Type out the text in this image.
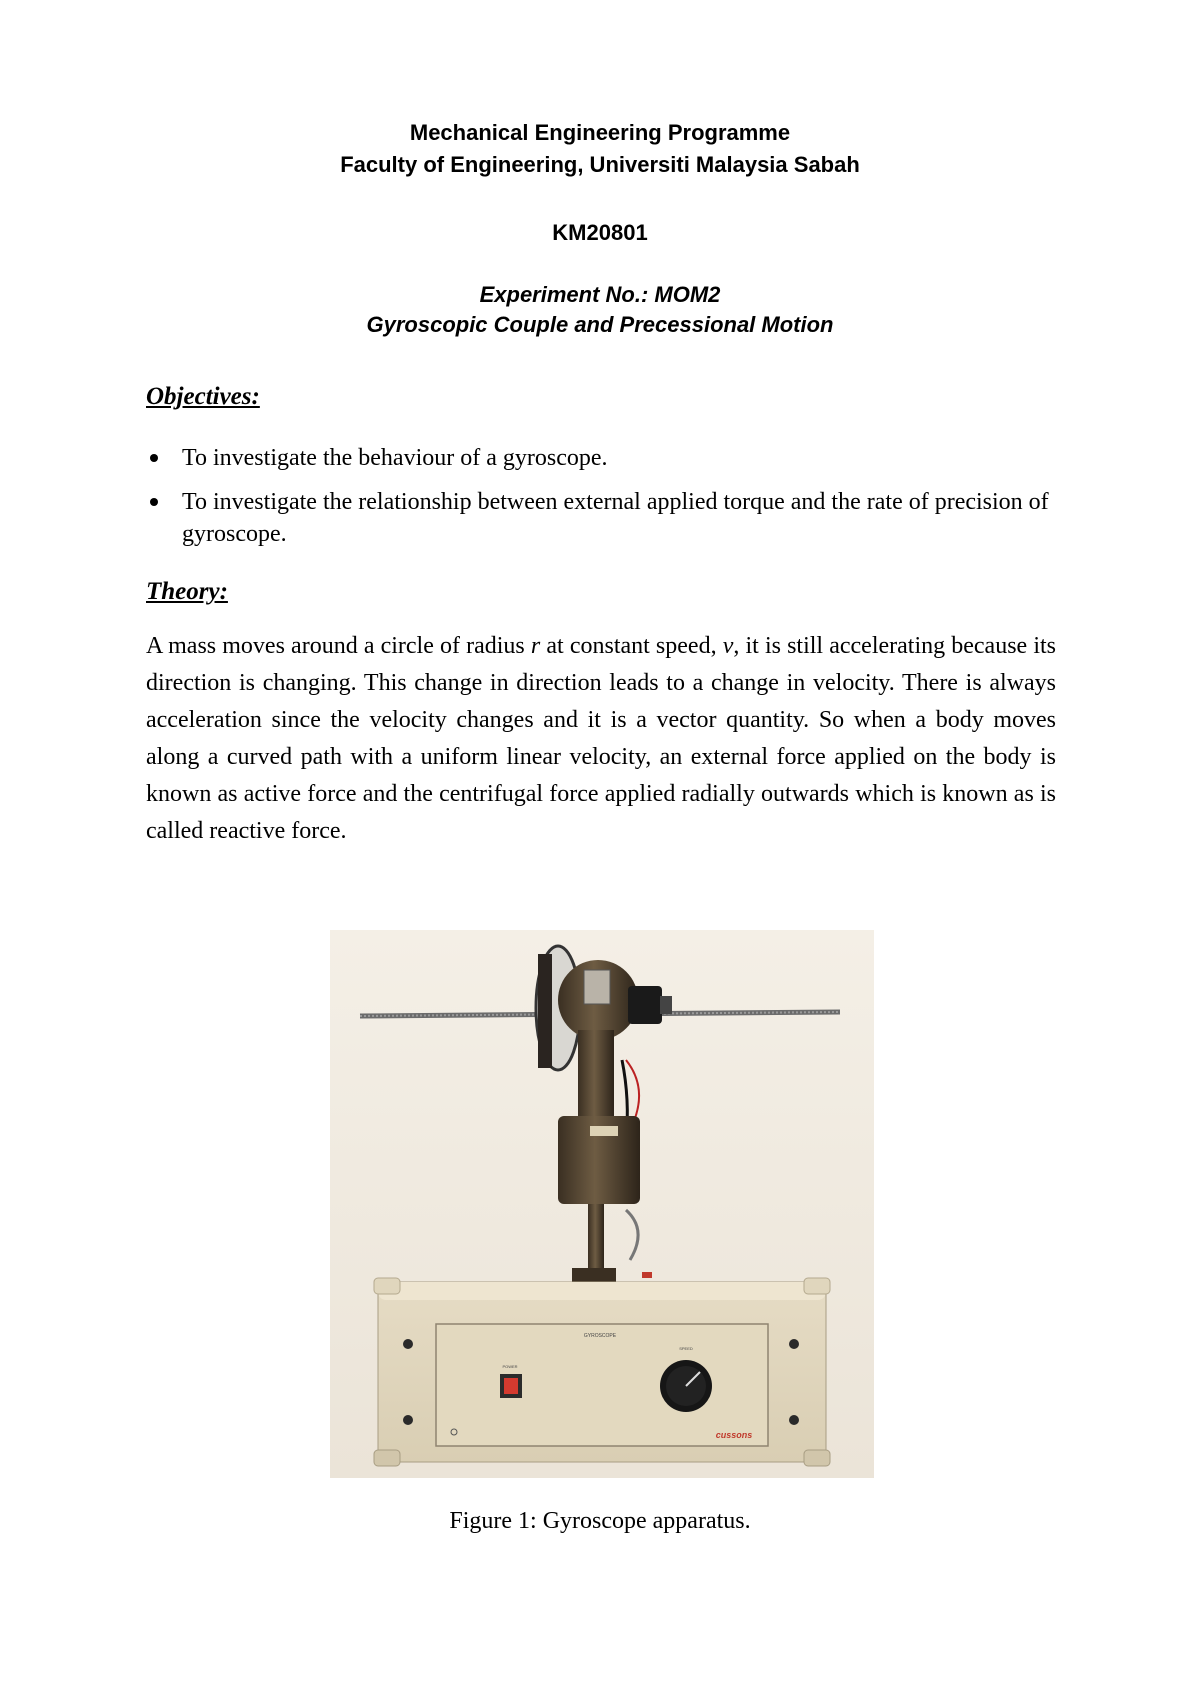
Mechanical Engineering Programme
Faculty of Engineering, Universiti Malaysia Sabah
KM20801
Experiment No.: MOM2
Gyroscopic Couple and Precessional Motion
Objectives:
To investigate the behaviour of a gyroscope.
To investigate the relationship between external applied torque and the rate of precision of gyroscope.
Theory:

A mass moves around a circle of radius r at constant speed, v, it is still accelerating because its direction is changing. This change in direction leads to a change in velocity. There is always acceleration since the velocity changes and it is a vector quantity. So when a body moves along a curved path with a uniform linear velocity, an external force applied on the body is known as active force and the centrifugal force applied radially outwards which is known as is called reactive force.

GYROSCOPE
POWER
SPEED
cussons
Figure 1: Gyroscope apparatus.
